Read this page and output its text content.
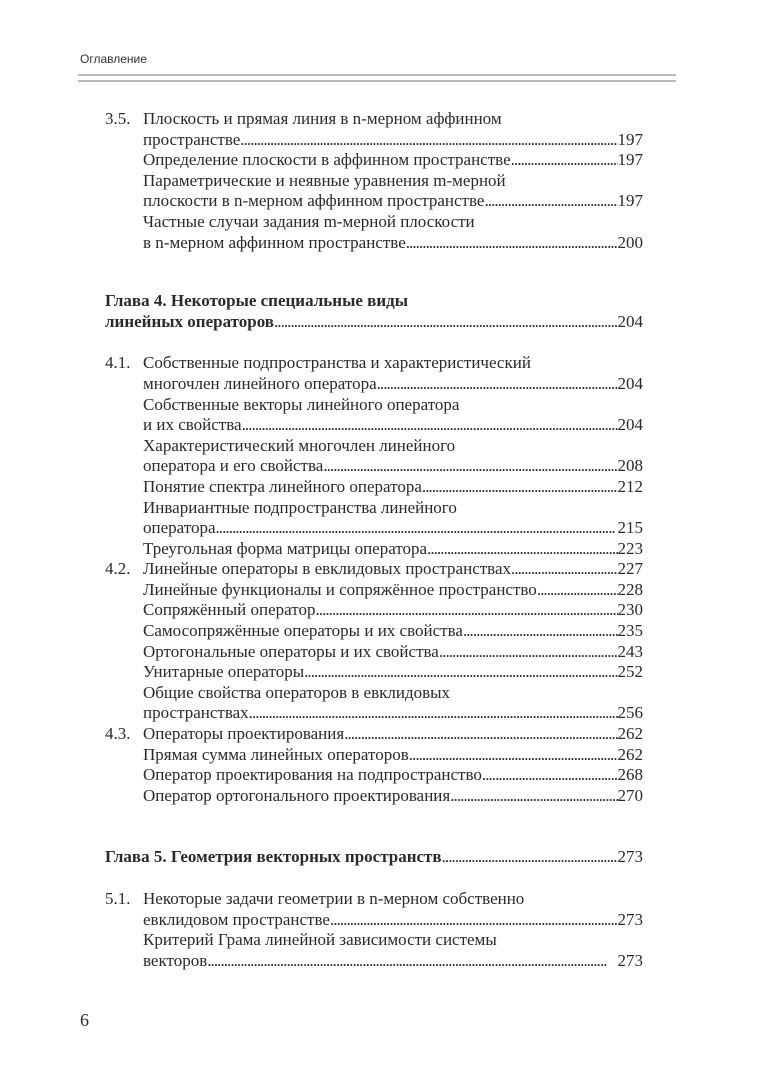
Оглавление
3.5. Плоскость и прямая линия в n-мерном аффинном
пространстве . . .	197
Определение плоскости в аффинном пространстве . . .	197
Параметрические и неявные уравнения m-мерной
плоскости в n-мерном аффинном пространстве . . .	197
Частные случаи задания m-мерной плоскости
в n-мерном аффинном пространстве . . .	200
Глава 4. Некоторые специальные виды
линейных операторов . . .	204
4.1. Собственные подпространства и характеристический
многочлен линейного оператора . . .	204
Собственные векторы линейного оператора
и их свойства . . .	204
Характеристический многочлен линейного
оператора и его свойства . . .	208
Понятие спектра линейного оператора . . .	212
Инвариантные подпространства линейного
оператора . . .	215
Треугольная форма матрицы оператора . . .	223
4.2. Линейные операторы в евклидовых пространствах . . .	227
Линейные функционалы и сопряжённое пространство . . .	228
Сопряжённый оператор . . .	230
Самосопряжённые операторы и их свойства . . .	235
Ортогональные операторы и их свойства . . .	243
Унитарные операторы . . .	252
Общие свойства операторов в евклидовых
пространствах . . .	256
4.3. Операторы проектирования . . .	262
Прямая сумма линейных операторов . . .	262
Оператор проектирования на подпространство . . .	268
Оператор ортогонального проектирования . . .	270
Глава 5. Геометрия векторных пространств . . .	273
5.1. Некоторые задачи геометрии в n-мерном собственно
евклидовом пространстве . . .	273
Критерий Грама линейной зависимости системы
векторов . . .	273
6
